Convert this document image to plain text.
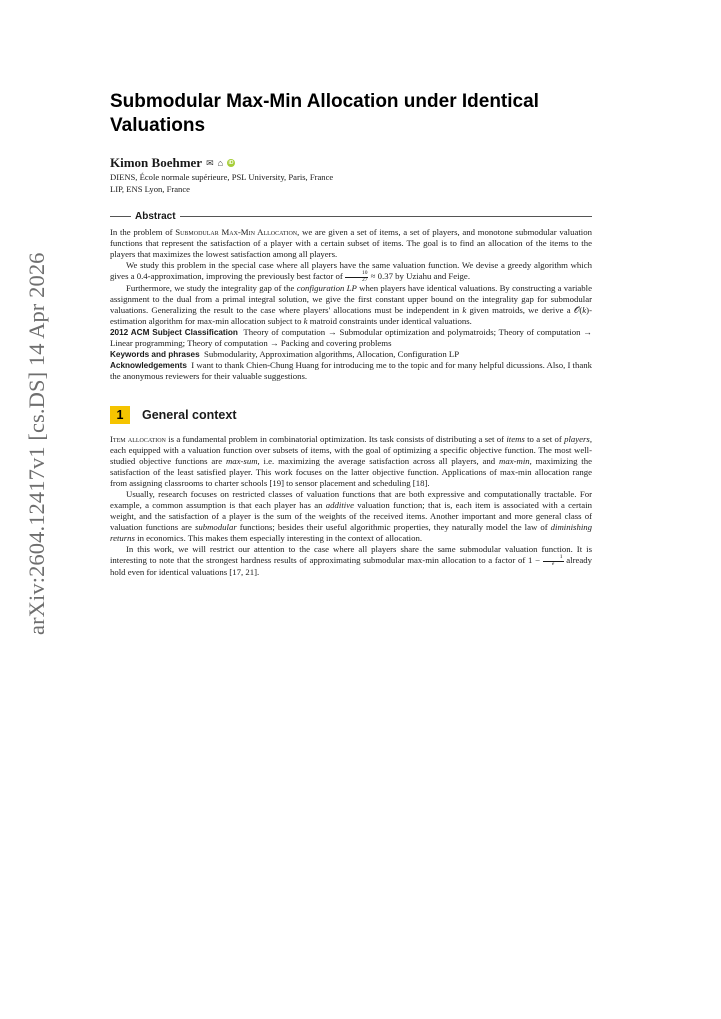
arXiv:2604.12417v1 [cs.DS] 14 Apr 2026
Submodular Max-Min Allocation under Identical Valuations
Kimon Boehmer ✉ ⌂	iD
DIENS, École normale supérieure, PSL University, Paris, France
LIP, ENS Lyon, France
Abstract

In the problem of Submodular Max-Min Allocation, we are given a set of items, a set of players, and monotone submodular valuation functions that represent the satisfaction of a player with a certain subset of items. The goal is to find an allocation of the items to the players that maximizes the lowest satisfaction among all players.

We study this problem in the special case where all players have the same valuation function. We devise a greedy algorithm which gives a 0.4-approximation, improving the previously best factor of $\frac{10}{27} \approx 0.37$ by Uziahu and Feige.

Furthermore, we study the integrality gap of the configuration LP when players have identical valuations. By constructing a variable assignment to the dual from a primal integral solution, we give the first constant upper bound on the integrality gap for submodular valuations. Generalizing the result to the case where players' allocations must be independent in k given matroids, we derive a 𝒪(k)-estimation algorithm for max-min allocation subject to k matroid constraints under identical valuations.

2012 ACM Subject Classification Theory of computation → Submodular optimization and polymatroids; Theory of computation → Linear programming; Theory of computation → Packing and covering problems

Keywords and phrases Submodularity, Approximation algorithms, Allocation, Configuration LP

Acknowledgements I want to thank Chien-Chung Huang for introducing me to the topic and for many helpful dicussions. Also, I thank the anonymous reviewers for their valuable suggestions.

1	General context

Item allocation is a fundamental problem in combinatorial optimization. Its task consists of distributing a set of items to a set of players, each equipped with a valuation function over subsets of items, with the goal of optimizing a specific objective function. The most well-studied objective functions are max-sum, i.e. maximizing the average satisfaction across all players, and max-min, maximizing the satisfaction of the least satisfied player. This work focuses on the latter objective function. Applications of max-min allocation range from assigning classrooms to charter schools [19] to sensor placement and scheduling [18].

Usually, research focuses on restricted classes of valuation functions that are both expressive and computationally tractable. For example, a common assumption is that each player has an additive valuation function; that is, each item is associated with a certain weight, and the satisfaction of a player is the sum of the weights of the received items. Another important and more general class of valuation functions are submodular functions; besides their useful algorithmic properties, they naturally model the law of diminishing returns in economics. This makes them especially interesting in the context of allocation.

In this work, we will restrict our attention to the case where all players share the same submodular valuation function. It is interesting to note that the strongest hardness results of approximating submodular max-min allocation to a factor of $1 - \frac{1}{e}$ already hold even for identical valuations [17, 21].
